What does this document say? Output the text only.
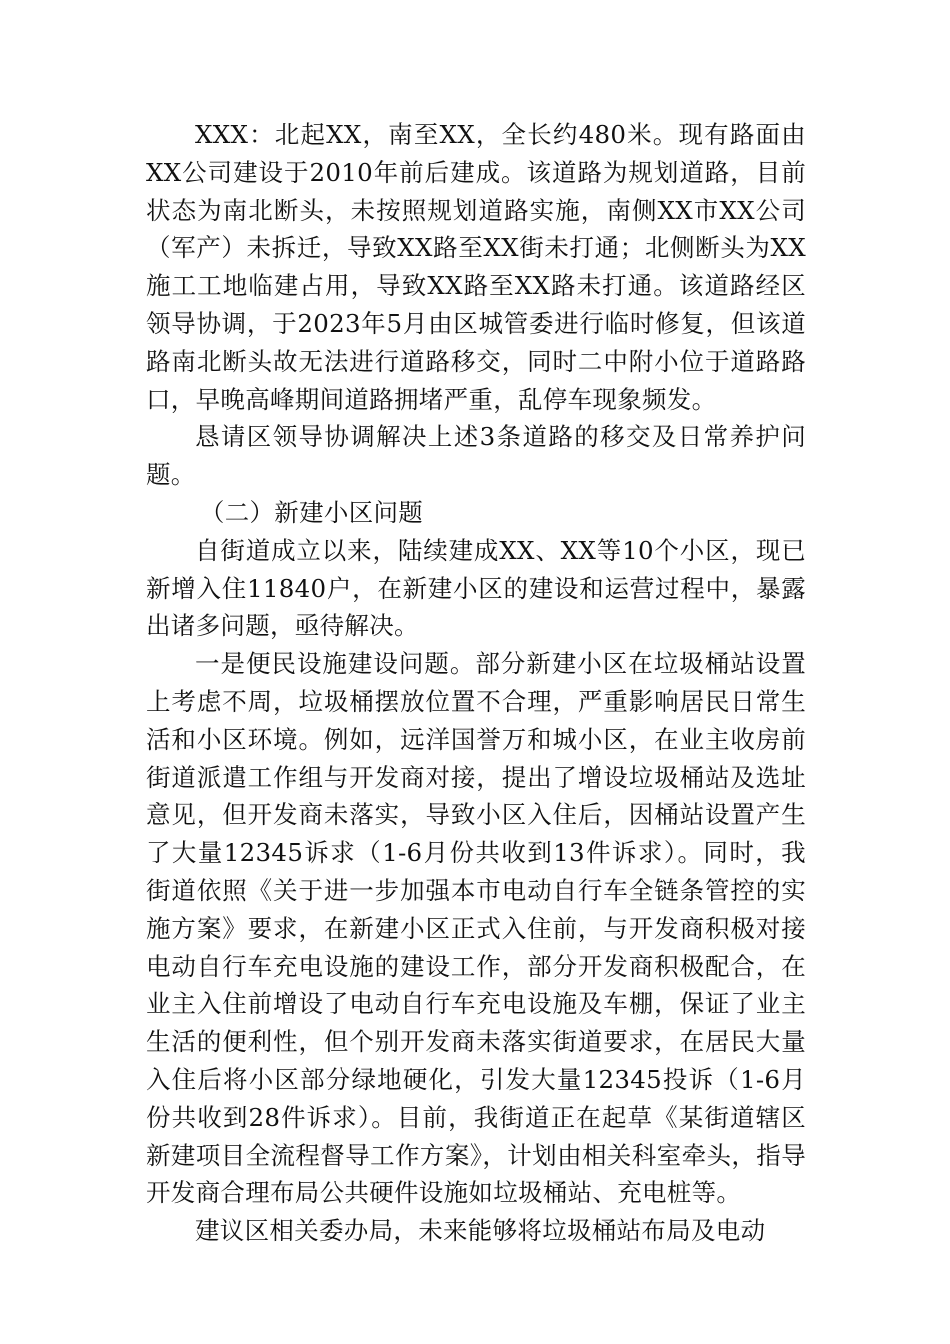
XXX：北起XX，南至XX，全长约480米。现有路面由XX公司建设于2010年前后建成。该道路为规划道路，目前状态为南北断头，未按照规划道路实施，南侧XX市XX公司（军产）未拆迁，导致XX路至XX街未打通；北侧断头为XX施工工地临建占用，导致XX路至XX路未打通。该道路经区领导协调，于2023年5月由区城管委进行临时修复，但该道路南北断头故无法进行道路移交，同时二中附小位于道路路口，早晚高峰期间道路拥堵严重，乱停车现象频发。

恳请区领导协调解决上述3条道路的移交及日常养护问题。

（二）新建小区问题

自街道成立以来，陆续建成XX、XX等10个小区，现已新增入住11840户，在新建小区的建设和运营过程中，暴露出诸多问题，亟待解决。

一是便民设施建设问题。部分新建小区在垃圾桶站设置上考虑不周，垃圾桶摆放位置不合理，严重影响居民日常生活和小区环境。例如，远洋国誉万和城小区，在业主收房前街道派遣工作组与开发商对接，提出了增设垃圾桶站及选址意见，但开发商未落实，导致小区入住后，因桶站设置产生了大量12345诉求（1-6月份共收到13件诉求）。同时，我街道依照《关于进一步加强本市电动自行车全链条管控的实施方案》要求，在新建小区正式入住前，与开发商积极对接电动自行车充电设施的建设工作，部分开发商积极配合，在业主入住前增设了电动自行车充电设施及车棚，保证了业主生活的便利性，但个别开发商未落实街道要求，在居民大量入住后将小区部分绿地硬化，引发大量12345投诉（1-6月份共收到28件诉求）。目前，我街道正在起草《某街道辖区新建项目全流程督导工作方案》，计划由相关科室牵头，指导开发商合理布局公共硬件设施如垃圾桶站、充电桩等。

建议区相关委办局，未来能够将垃圾桶站布局及电动
